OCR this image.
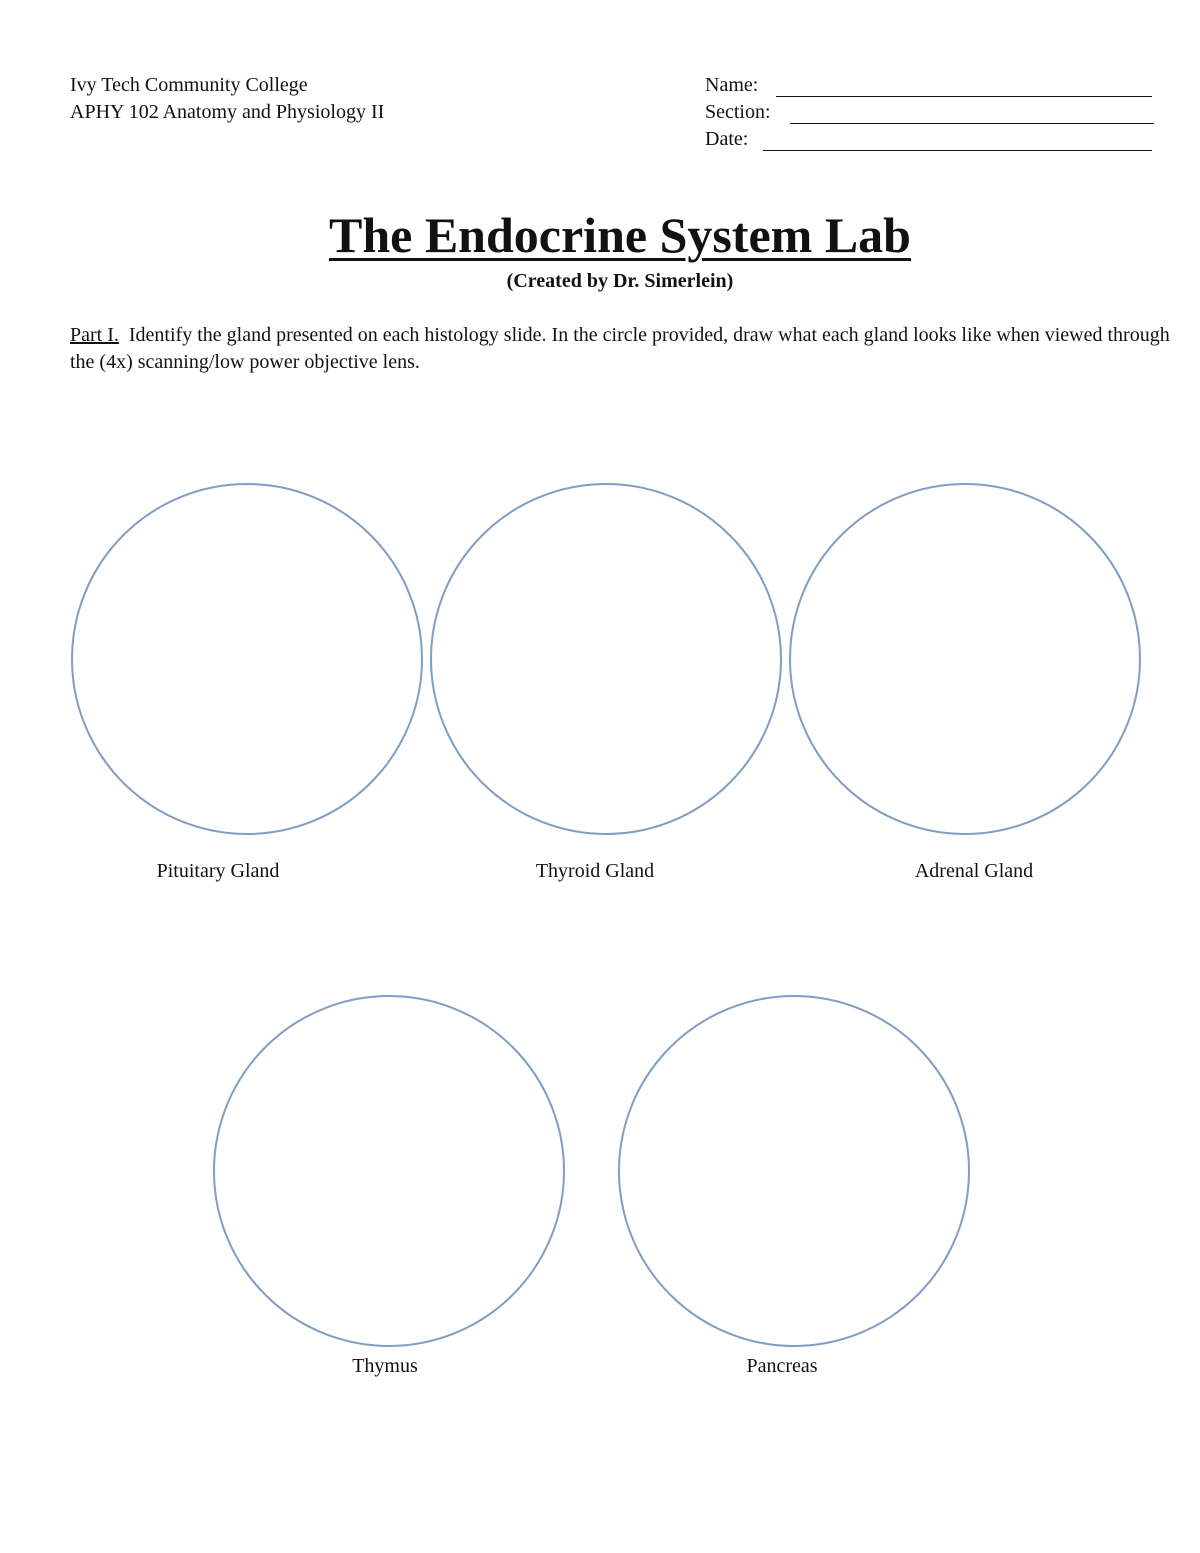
Ivy Tech Community College
APHY 102 Anatomy and Physiology II
Name:
Section:
Date:
The Endocrine System Lab
(Created by Dr. Simerlein)
Part I. Identify the gland presented on each histology slide. In the circle provided, draw what each gland looks like when viewed through the (4x) scanning/low power objective lens.
Pituitary Gland	Thyroid Gland	Adrenal Gland
Thymus	Pancreas
